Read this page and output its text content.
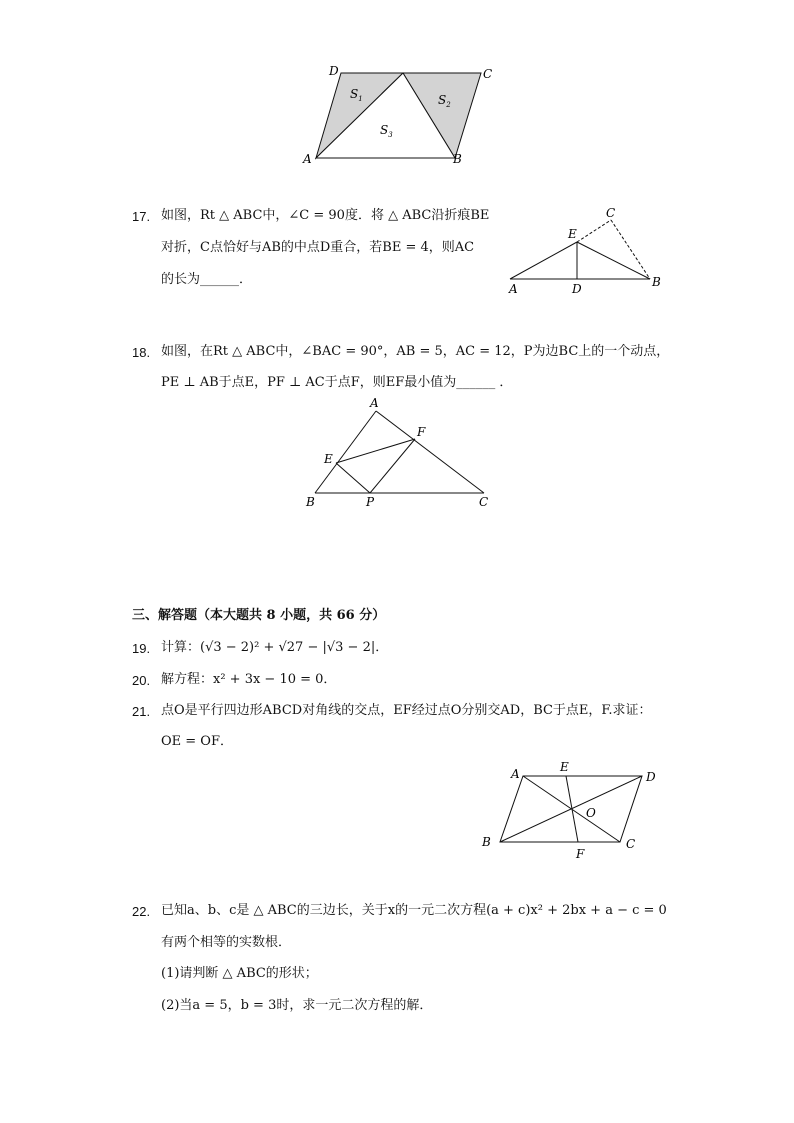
D	C
A	B
$S_1$	$S_2$
$S_3$
17. 如图，Rt △ ABC中，∠C = 90度．将 △ ABC沿折痕BE
对折，C点恰好与AB的中点D重合，若BE = 4，则AC
的长为______．
E
C
A	D	B
18. 如图，在Rt △ ABC中，∠BAC = 90°，AB = 5，AC = 12，P为边BC上的一个动点，
PE ⊥ AB于点E，PF ⊥ AC于点F，则EF最小值为______ ．
A
F
E
B	P	C
三、解答题（本大题共 8 小题，共 66 分）
19. 计算：(√3 − 2)² + √27 − |√3 − 2|．
20. 解方程：x² + 3x − 10 = 0．
21. 点O是平行四边形ABCD对角线的交点，EF经过点O分别交AD，BC于点E，F.求证：
OE = OF．
A	E
D
O
B
F
C
22. 已知a、b、c是 △ ABC的三边长，关于x的一元二次方程(a + c)x² + 2bx + a − c = 0
有两个相等的实数根．
(1)请判断 △ ABC的形状；
(2)当a = 5，b = 3时，求一元二次方程的解．
